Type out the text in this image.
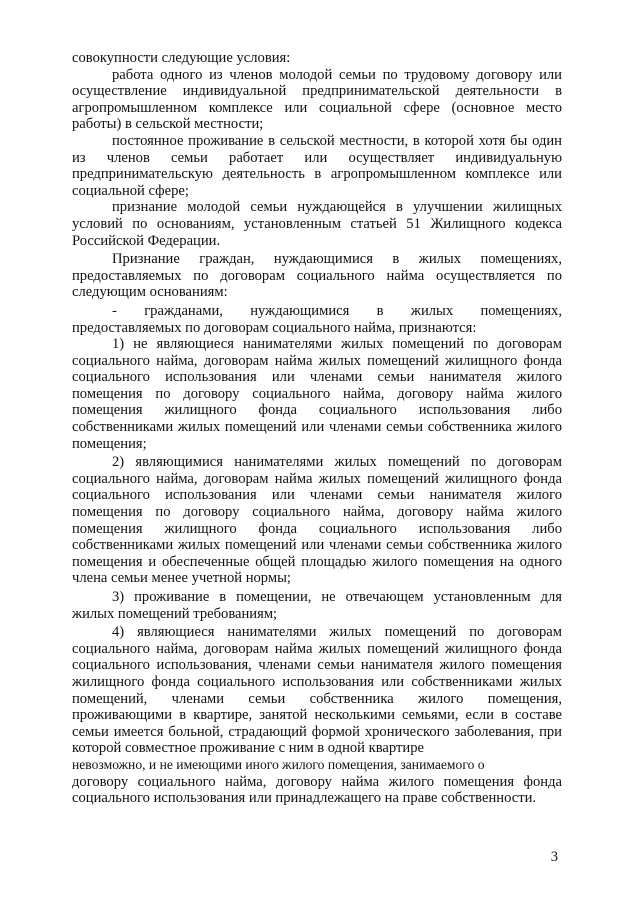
совокупности следующие условия:

работа одного из членов молодой семьи по трудовому договору или осуществление индивидуальной предпринимательской деятельности в агропромышленном комплексе или социальной сфере (основное место работы) в сельской местности;

постоянное проживание в сельской местности, в которой хотя бы один из членов семьи работает или осуществляет индивидуальную предпринимательскую деятельность в агропромышленном комплексе или социальной сфере;

признание молодой семьи нуждающейся в улучшении жилищных условий по основаниям, установленным статьей 51 Жилищного кодекса Российской Федерации.

Признание граждан, нуждающимися в жилых помещениях, предоставляемых по договорам социального найма осуществляется по следующим основаниям:

- гражданами, нуждающимися в жилых помещениях,

предоставляемых по договорам социального найма, признаются:

1) не являющиеся нанимателями жилых помещений по договорам социального найма, договорам найма жилых помещений жилищного фонда социального использования или членами семьи нанимателя жилого помещения по договору социального найма, договору найма жилого помещения жилищного фонда социального использования либо собственниками жилых помещений или членами семьи собственника жилого помещения;

2) являющимися нанимателями жилых помещений по договорам социального найма, договорам найма жилых помещений жилищного фонда социального использования или членами семьи нанимателя жилого помещения по договору социального найма, договору найма жилого помещения жилищного фонда социального использования либо собственниками жилых помещений или членами семьи собственника жилого помещения и обеспеченные общей площадью жилого помещения на одного члена семьи менее учетной нормы;

3) проживание в помещении, не отвечающем установленным для жилых помещений требованиям;

4) являющиеся нанимателями жилых помещений по договорам социального найма, договорам найма жилых помещений жилищного фонда социального использования, членами семьи нанимателя жилого помещения жилищного фонда социального использования или собственниками жилых помещений, членами семьи собственника жилого помещения, проживающими в квартире, занятой несколькими семьями, если в составе семьи имеется больной, страдающий формой хронического заболевания, при которой совместное проживание с ним в одной квартире

невозможно, и не имеющими иного жилого помещения, занимаемого о

договору социального найма, договору найма жилого помещения фонда социального использования или принадлежащего на праве собственности.

3
